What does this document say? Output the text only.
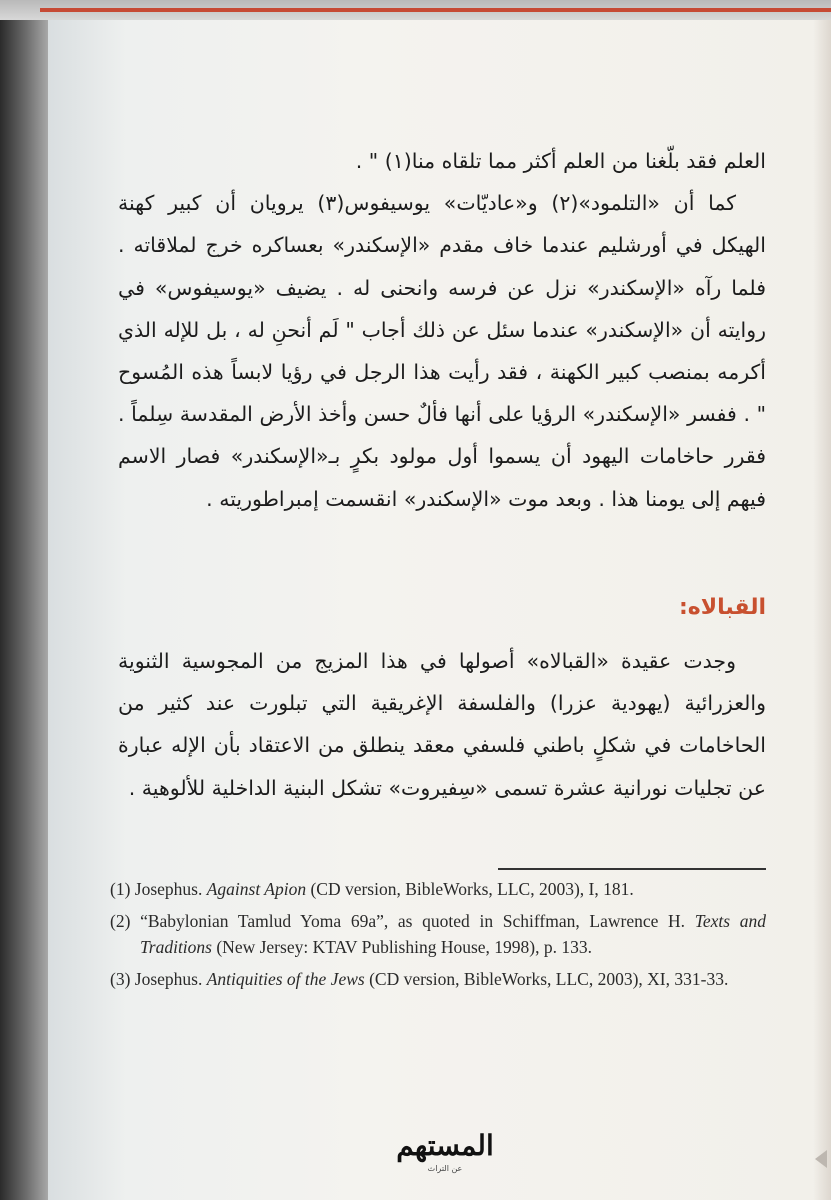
العلم فقد بلّغنا من العلم أكثر مما تلقاه منا(١) " .

كما أن «التلمود»(٢) و«عاديّات» يوسيفوس(٣) يرويان أن كبير كهنة الهيكل في أورشليم عندما خاف مقدم «الإسكندر» بعساكره خرج لملاقاته . فلما رآه «الإسكندر» نزل عن فرسه وانحنى له . يضيف «يوسيفوس» في روايته أن «الإسكندر» عندما سئل عن ذلك أجاب " لَم أنحنِ له ، بل للإله الذي أكرمه بمنصب كبير الكهنة ، فقد رأيت هذا الرجل في رؤيا لابساً هذه المُسوح " . ففسر «الإسكندر» الرؤيا على أنها فألٌ حسن وأخذ الأرض المقدسة سِلماً . فقرر حاخامات اليهود أن يسموا أول مولود بكرٍ بـ«الإسكندر» فصار الاسم فيهم إلى يومنا هذا . وبعد موت «الإسكندر» انقسمت إمبراطوريته .

القبالاه:

وجدت عقيدة «القبالاه» أصولها في هذا المزيج من المجوسية الثنوية والعزرائية (يهودية عزرا) والفلسفة الإغريقية التي تبلورت عند كثير من الحاخامات في شكلٍ باطني فلسفي معقد ينطلق من الاعتقاد بأن الإله عبارة عن تجليات نورانية عشرة تسمى «سِفيروت» تشكل البنية الداخلية للألوهية .

(1) Josephus. Against Apion (CD version, BibleWorks, LLC, 2003), I, 181.

(2) “Babylonian Tamlud Yoma 69a”, as quoted in Schiffman, Lawrence H. Texts and Traditions (New Jersey: KTAV Publishing House, 1998), p. 133.

(3) Josephus. Antiquities of the Jews (CD version, BibleWorks, LLC, 2003), XI, 331-33.

المستهم
عن التراث
